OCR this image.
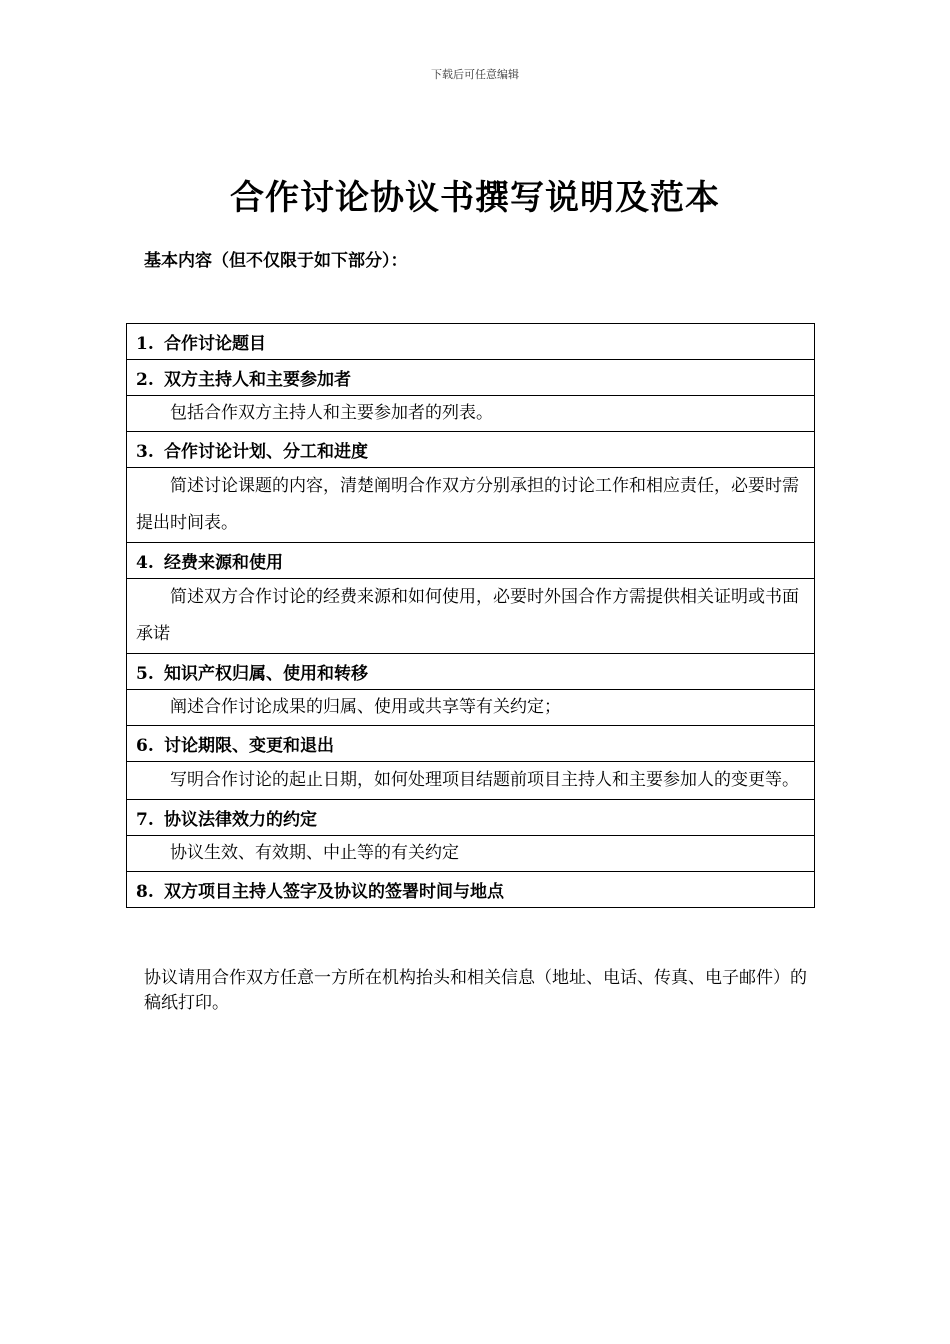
下载后可任意编辑
合作讨论协议书撰写说明及范本
基本内容（但不仅限于如下部分）：
1. 合作讨论题目
2. 双方主持人和主要参加者
包括合作双方主持人和主要参加者的列表。
3. 合作讨论计划、分工和进度
简述讨论课题的内容，清楚阐明合作双方分别承担的讨论工作和相应责任，必要时需提出时间表。
4. 经费来源和使用
简述双方合作讨论的经费来源和如何使用，必要时外国合作方需提供相关证明或书面承诺
5. 知识产权归属、使用和转移
阐述合作讨论成果的归属、使用或共享等有关约定；
6. 讨论期限、变更和退出
写明合作讨论的起止日期，如何处理项目结题前项目主持人和主要参加人的变更等。
7. 协议法律效力的约定
协议生效、有效期、中止等的有关约定
8. 双方项目主持人签字及协议的签署时间与地点

协议请用合作双方任意一方所在机构抬头和相关信息（地址、电话、传真、电子邮件）的稿纸打印。
